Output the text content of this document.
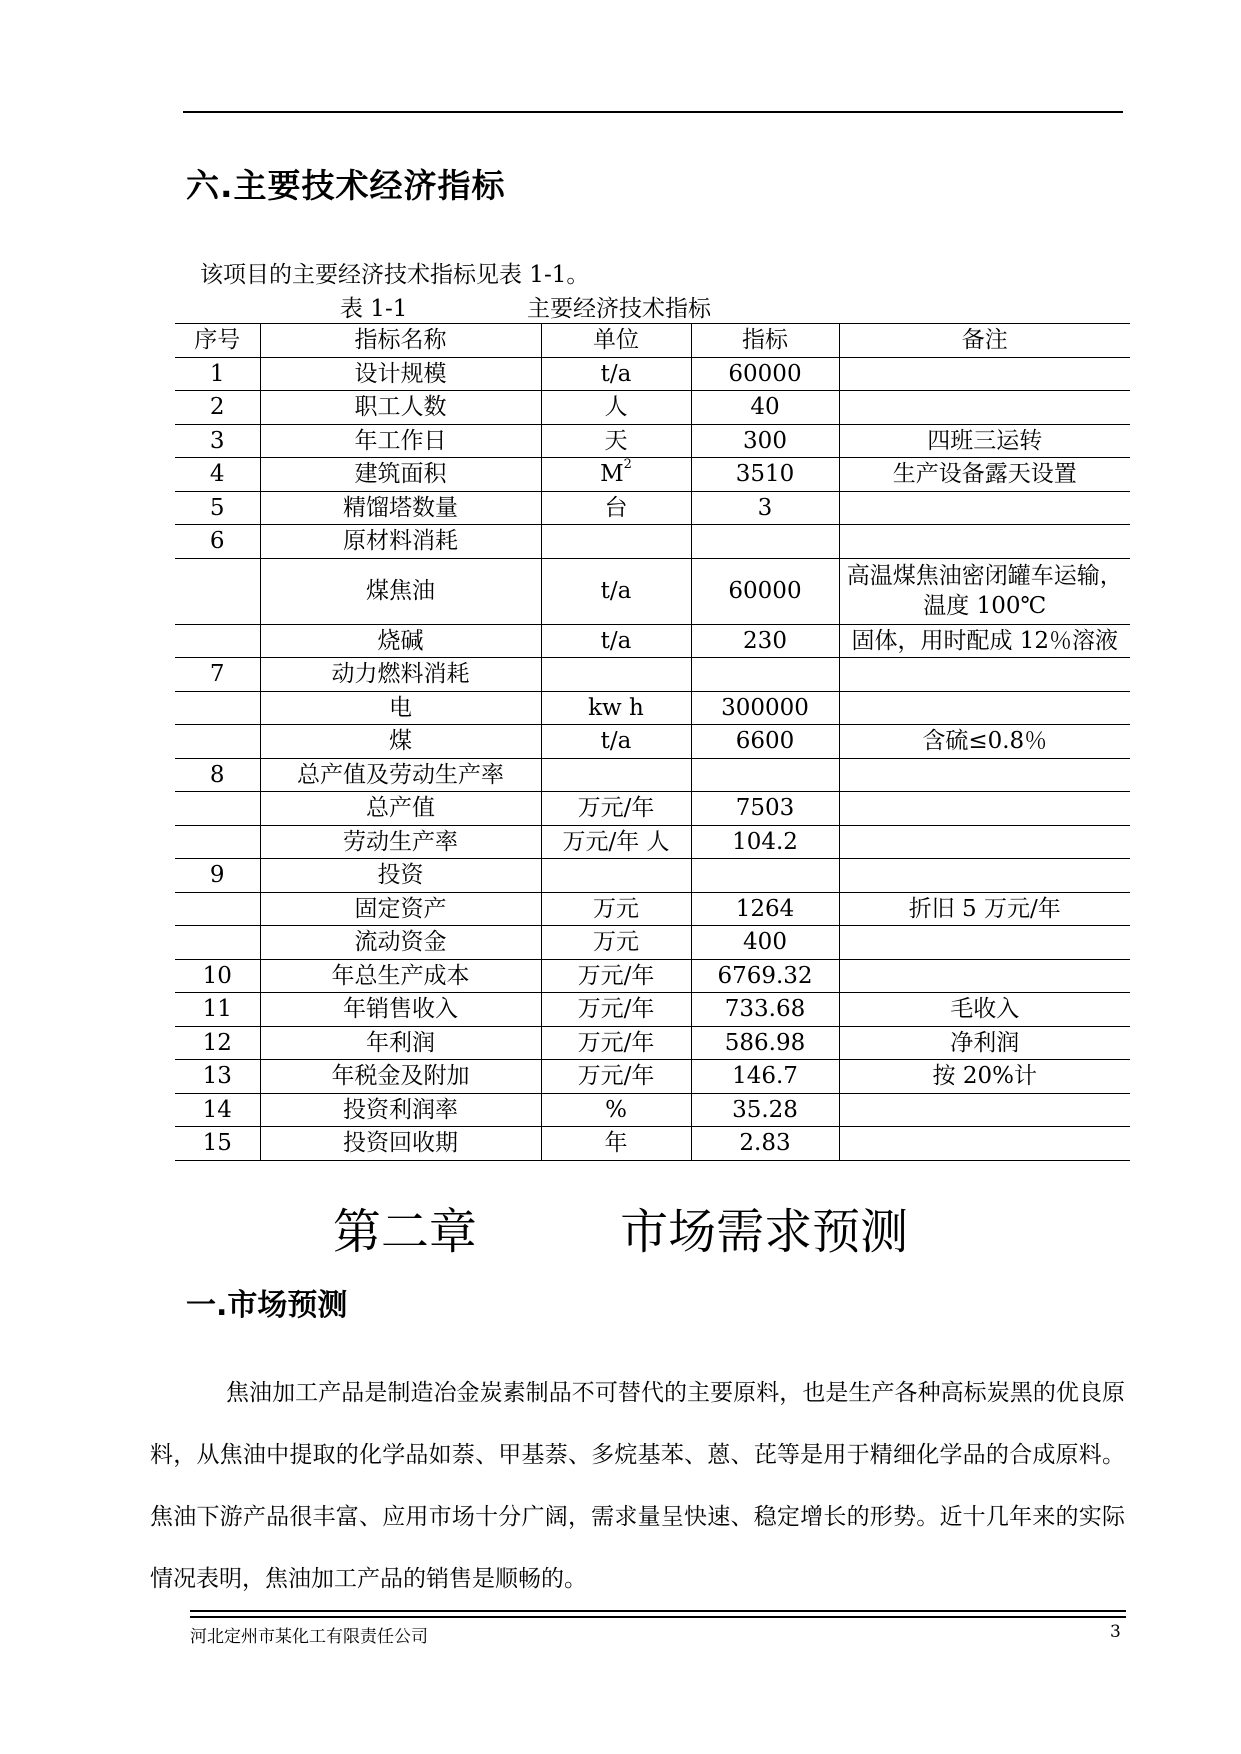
六.主要技术经济指标
该项目的主要经济技术指标见表 1-1。
表 1-1	主要经济技术指标
序号	指标名称	单位	指标	备注
1	设计规模	t/a	60000	
2	职工人数	人	40	
3	年工作日	天	300	四班三运转
4	建筑面积	$M^2$	3510	生产设备露天设置
5	精馏塔数量	台	3	
6	原材料消耗			
	煤焦油	t/a	60000	高温煤焦油密闭罐车运输，温度 100℃
	烧碱	t/a	230	固体，用时配成 12％溶液
7	动力燃料消耗			
	电	kw h	300000	
	煤	t/a	6600	含硫≤0.8％
8	总产值及劳动生产率			
	总产值	万元/年	7503	
	劳动生产率	万元/年 人	104.2	
9	投资			
	固定资产	万元	1264	折旧 5 万元/年
	流动资金	万元	400	
10	年总生产成本	万元/年	6769.32	
11	年销售收入	万元/年	733.68	毛收入
12	年利润	万元/年	586.98	净利润
13	年税金及附加	万元/年	146.7	按 20%计
14	投资利润率	%	35.28	
15	投资回收期	年	2.83	
第二章　 市场需求预测
一.市场预测
焦油加工产品是制造冶金炭素制品不可替代的主要原料，也是生产各种高标炭黑的优良原料，从焦油中提取的化学品如萘、甲基萘、多烷基苯、蒽、芘等是用于精细化学品的合成原料。焦油下游产品很丰富、应用市场十分广阔，需求量呈快速、稳定增长的形势。近十几年来的实际情况表明，焦油加工产品的销售是顺畅的。
河北定州市某化工有限责任公司	3
